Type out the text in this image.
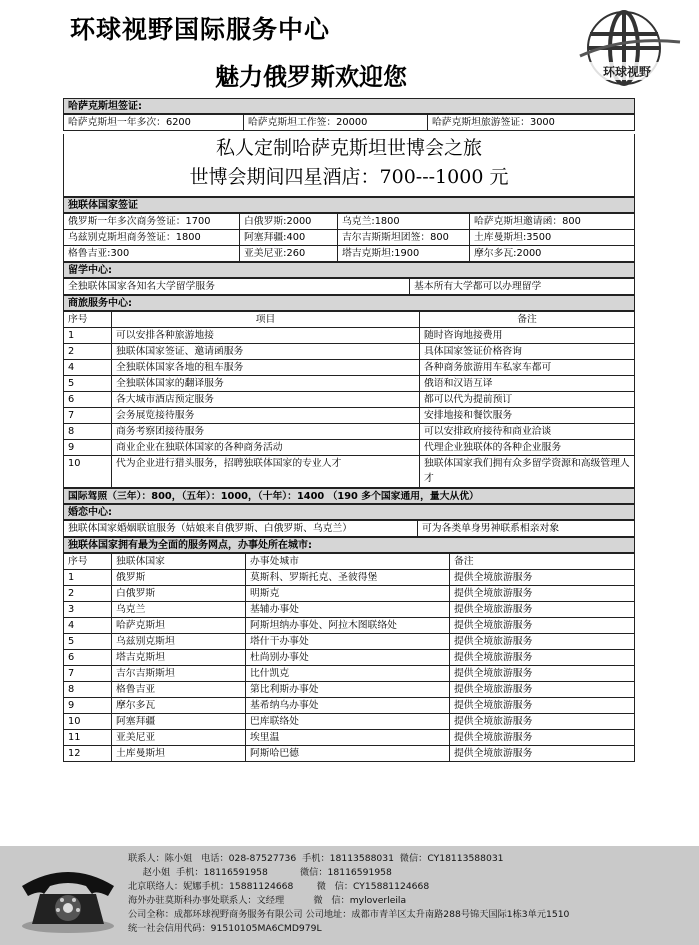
环球视野国际服务中心
魅力俄罗斯欢迎您	环球视野
哈萨克斯坦签证:
哈萨克斯坦一年多次：6200	哈萨克斯坦工作签：20000	哈萨克斯坦旅游签证：3000
私人定制哈萨克斯坦世博会之旅
世博会期间四星酒店：700---1000 元
独联体国家签证
俄罗斯一年多次商务签证：1700	白俄罗斯:2000	乌克兰:1800	哈萨克斯坦邀请函：800
乌兹别克斯坦商务签证：1800	阿塞拜疆:400	吉尔吉斯斯坦团签：800	土库曼斯坦:3500
格鲁吉亚:300	亚美尼亚:260	塔吉克斯坦:1900	摩尔多瓦:2000
留学中心:
全独联体国家各知名大学留学服务	基本所有大学都可以办理留学
商旅服务中心:
序号	项目	备注
1	可以安排各种旅游地接	随时咨询地接费用
2	独联体国家签证、邀请函服务	具体国家签证价格咨询
4	全独联体国家各地的租车服务	各种商务旅游用车私家车都可
5	全独联体国家的翻译服务	俄语和汉语互译
6	各大城市酒店预定服务	都可以代为提前预订
7	会务展览接待服务	安排地接和餐饮服务
8	商务考察团接待服务	可以安排政府接待和商业洽谈
9	商业企业在独联体国家的各种商务活动	代理企业独联体的各种企业服务
10	代为企业进行猎头服务，招聘独联体国家的专业人才	独联体国家我们拥有众多留学资源和高级管理人才
国际驾照（三年）：800，（五年）：1000，（十年）：1400 （190 多个国家通用，量大从优）
婚恋中心:
独联体国家婚姻联谊服务（姑娘来自俄罗斯、白俄罗斯、乌克兰）	可为各类单身男神联系相亲对象
独联体国家拥有最为全面的服务网点，办事处所在城市:
序号	独联体国家	办事处城市	备注
1	俄罗斯	莫斯科、罗斯托克、圣彼得堡	提供全境旅游服务
2	白俄罗斯	明斯克	提供全境旅游服务
3	乌克兰	基辅办事处	提供全境旅游服务
4	哈萨克斯坦	阿斯坦纳办事处、阿拉木图联络处	提供全境旅游服务
5	乌兹别克斯坦	塔什干办事处	提供全境旅游服务
6	塔吉克斯坦	杜尚别办事处	提供全境旅游服务
7	吉尔吉斯斯坦	比什凯克	提供全境旅游服务
8	格鲁吉亚	第比利斯办事处	提供全境旅游服务
9	摩尔多瓦	基希纳乌办事处	提供全境旅游服务
10	阿塞拜疆	巴库联络处	提供全境旅游服务
11	亚美尼亚	埃里温	提供全境旅游服务
12	土库曼斯坦	阿斯哈巴德	提供全境旅游服务
联系人：陈小姐   电话：028-87527736  手机：18113588031  微信：CY18113588031
赵小姐  手机：18116591958           微信：18116591958
北京联络人：妮娜手机：15881124668        微   信：CY15881124668
海外办驻莫斯科办事处联系人：文经理          微   信：myloverleila
公司全称：成都环球视野商务服务有限公司 公司地址：成都市青羊区太升南路288号锦天国际1栋3单元1510
统一社会信用代码：91510105MA6CMD979L
